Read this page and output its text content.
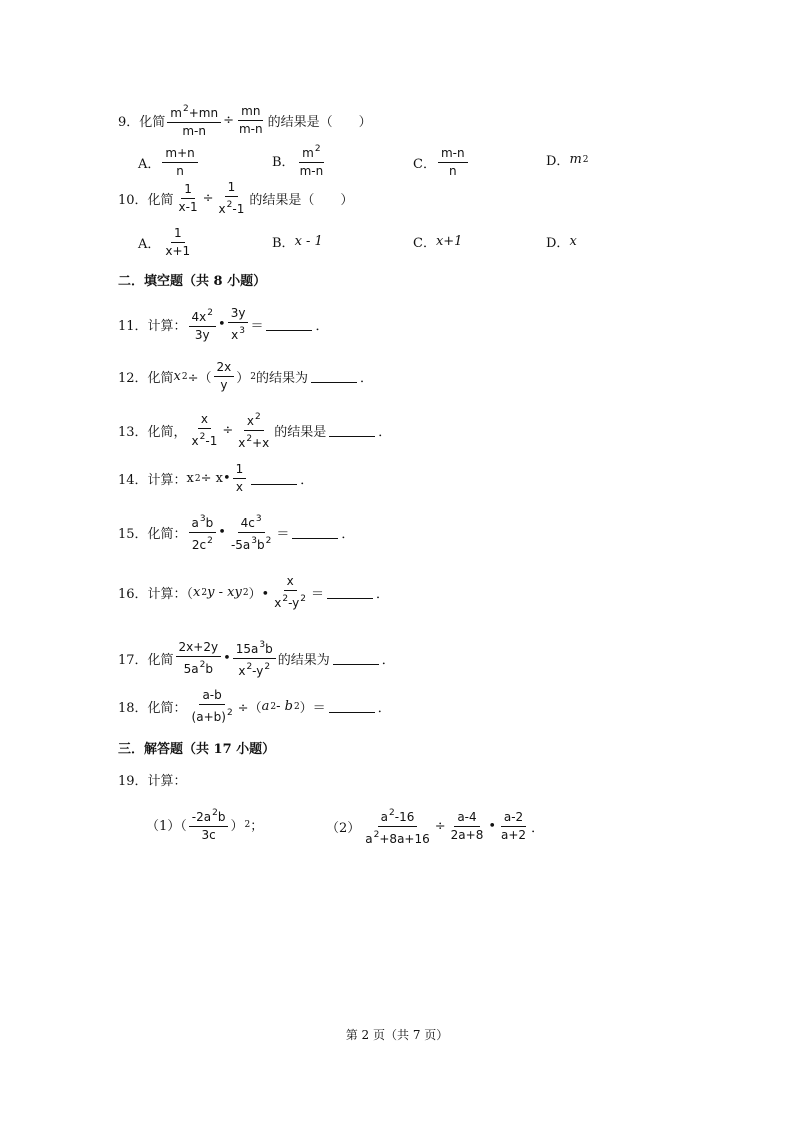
9．化简 $\frac{m^2+mn}{m-n} \div \frac{mn}{m-n}$ 的结果是（　　）
A． $\frac{m+n}{n}$	B． $\frac{m^2}{m-n}$	C． $\frac{m-n}{n}$	D． m 2
10．化简 $\frac{1}{x-1} \div \frac{1}{x^2-1}$ 的结果是（　　）
A． $\frac{1}{x+1}$	B． x - 1	C． x+1	D． x
二．填空题（共 8 小题）
11．计算： $\frac{4x^2}{3y}$ • $\frac{3y}{x^3}$ ＝	．
12．化简 x 2 ÷（ $\frac{2x}{y}$ ） 2 的结果为	．
13．化简， $\frac{x}{x^2-1} \div \frac{x^2}{x^2+x}$ 的结果是	．
14．计算： x 2 ÷ x• $\frac{1}{x}$	．
15．化简： $\frac{a^3b}{2c^2}$ • $\frac{4c^3}{-5a^3b^2}$ ＝	．
16．计算：（ x 2 y - xy 2 ）• $\frac{x}{x^2-y^2}$ ＝	．
17．化简 $\frac{2x+2y}{5a^2b}$ • $\frac{15a^3b}{x^2-y^2}$ 的结果为	．
18．化简： $\frac{a-b}{(a+b)^2}$ ÷（ a 2 - b 2 ）＝	．
三．解答题（共 17 小题）
19．计算：
$(1)( \frac{-2a^2b}{3c}$ ） 2 ；	$(2) \frac{a^2-16}{a^2+8a+16} \div \frac{a-4}{2a+8}$ • $\frac{a-2}{a+2}$ ．
第 2 页（共 7 页）
